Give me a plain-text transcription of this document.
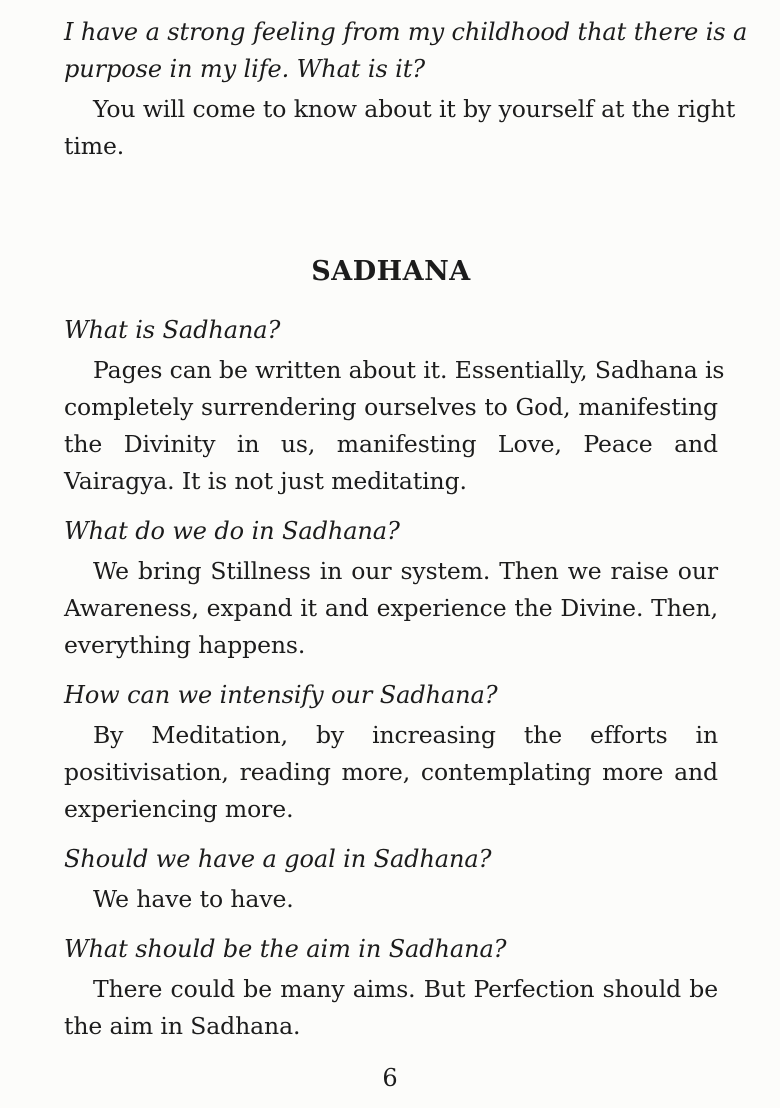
I have a strong feeling from my childhood that there is a
purpose in my life. What is it?
You will come to know about it by yourself at the right
time.
SADHANA
What is Sadhana?
Pages can be written about it. Essentially, Sadhana is
completely surrendering ourselves to God, manifesting
the Divinity in us, manifesting Love, Peace and
Vairagya. It is not just meditating.
What do we do in Sadhana?
We bring Stillness in our system. Then we raise our
Awareness, expand it and experience the Divine. Then,
everything happens.
How can we intensify our Sadhana?
By Meditation, by increasing the efforts in
positivisation, reading more, contemplating more and
experiencing more.
Should we have a goal in Sadhana?
We have to have.
What should be the aim in Sadhana?
There could be many aims. But Perfection should be
the aim in Sadhana.
6
